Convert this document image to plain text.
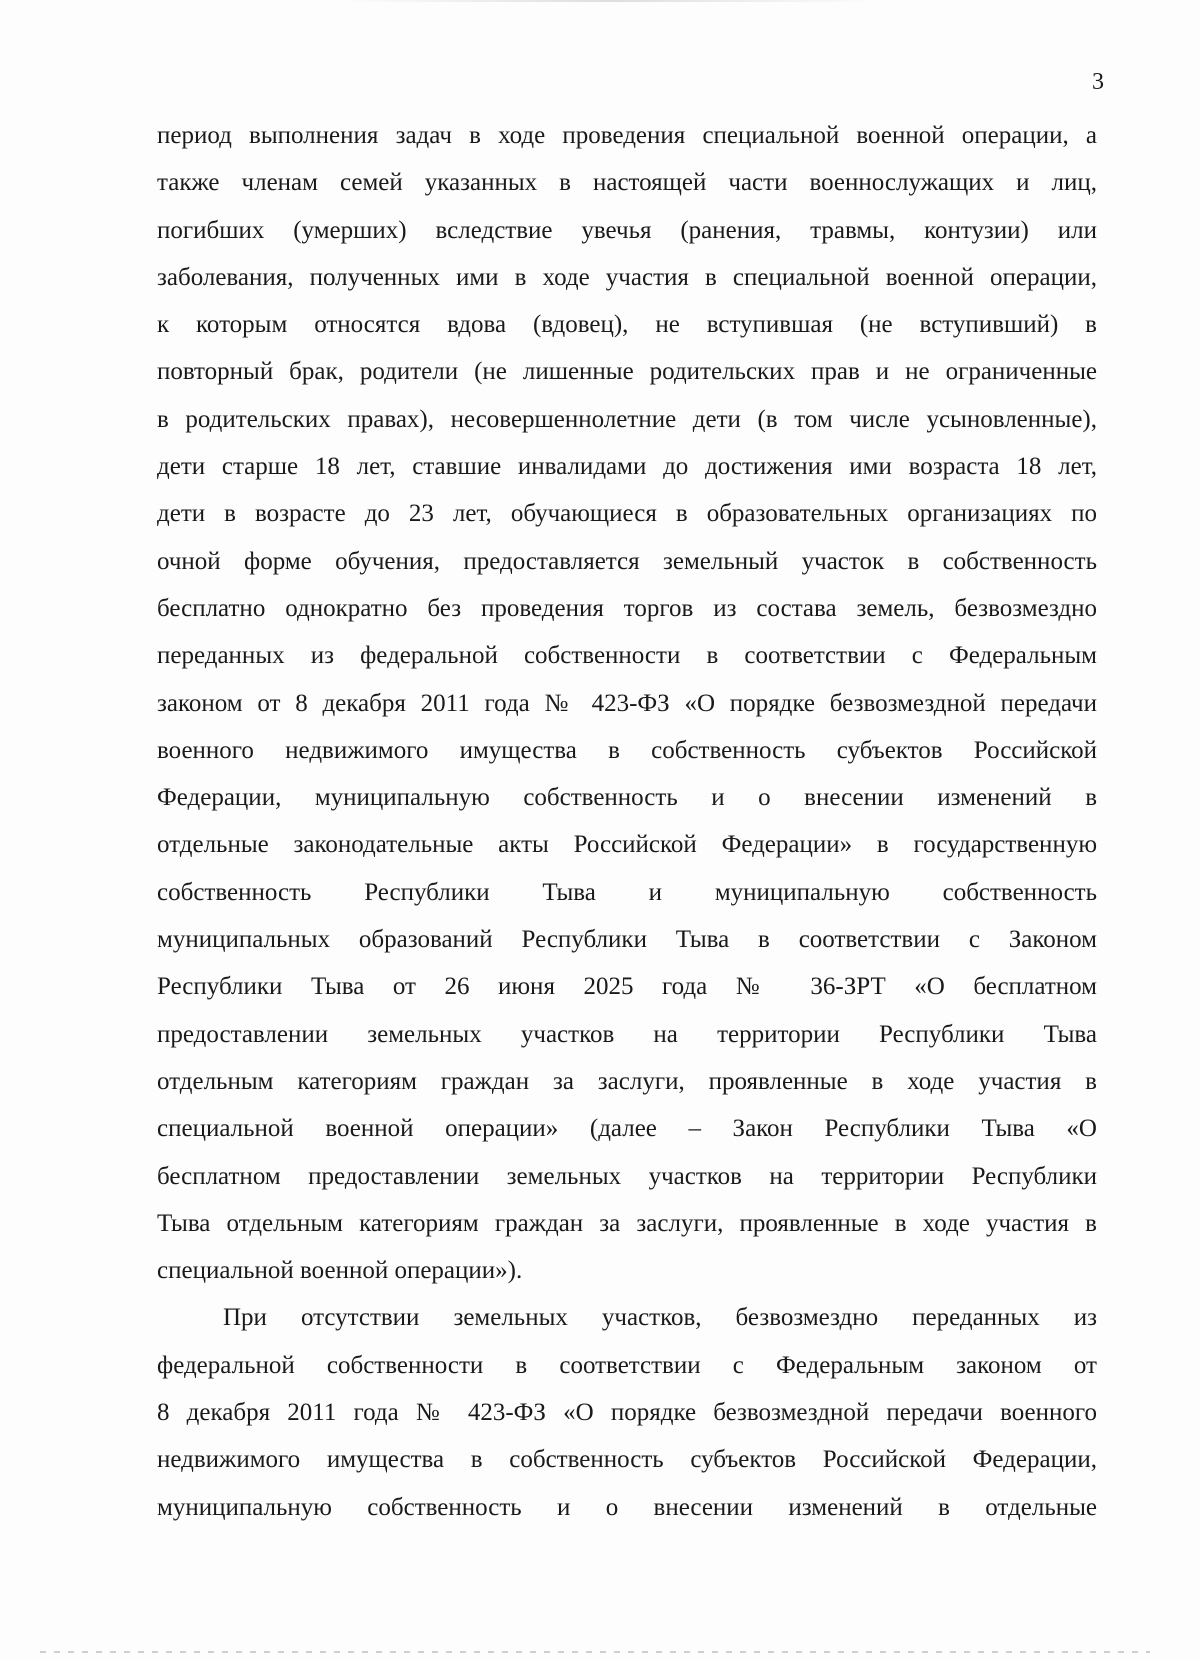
3
период выполнения задач в ходе проведения специальной военной операции, а
также членам семей указанных в настоящей части военнослужащих и лиц,
погибших (умерших) вследствие увечья (ранения, травмы, контузии) или
заболевания, полученных ими в ходе участия в специальной военной операции,
к которым относятся вдова (вдовец), не вступившая (не вступивший) в
повторный брак, родители (не лишенные родительских прав и не ограниченные
в родительских правах), несовершеннолетние дети (в том числе усыновленные),
дети старше 18 лет, ставшие инвалидами до достижения ими возраста 18 лет,
дети в возрасте до 23 лет, обучающиеся в образовательных организациях по
очной форме обучения, предоставляется земельный участок в собственность
бесплатно однократно без проведения торгов из состава земель, безвозмездно
переданных из федеральной собственности в соответствии с Федеральным
законом от 8 декабря 2011 года № 423-ФЗ «О порядке безвозмездной передачи
военного недвижимого имущества в собственность субъектов Российской
Федерации, муниципальную собственность и о внесении изменений в
отдельные законодательные акты Российской Федерации» в государственную
собственность Республики Тыва и муниципальную собственность
муниципальных образований Республики Тыва в соответствии с Законом
Республики Тыва от 26 июня 2025 года № 36-ЗРТ «О бесплатном
предоставлении земельных участков на территории Республики Тыва
отдельным категориям граждан за заслуги, проявленные в ходе участия в
специальной военной операции» (далее – Закон Республики Тыва «О
бесплатном предоставлении земельных участков на территории Республики
Тыва отдельным категориям граждан за заслуги, проявленные в ходе участия в
специальной военной операции»).
При отсутствии земельных участков, безвозмездно переданных из
федеральной собственности в соответствии с Федеральным законом от
8 декабря 2011 года № 423-ФЗ «О порядке безвозмездной передачи военного
недвижимого имущества в собственность субъектов Российской Федерации,
муниципальную собственность и о внесении изменений в отдельные
